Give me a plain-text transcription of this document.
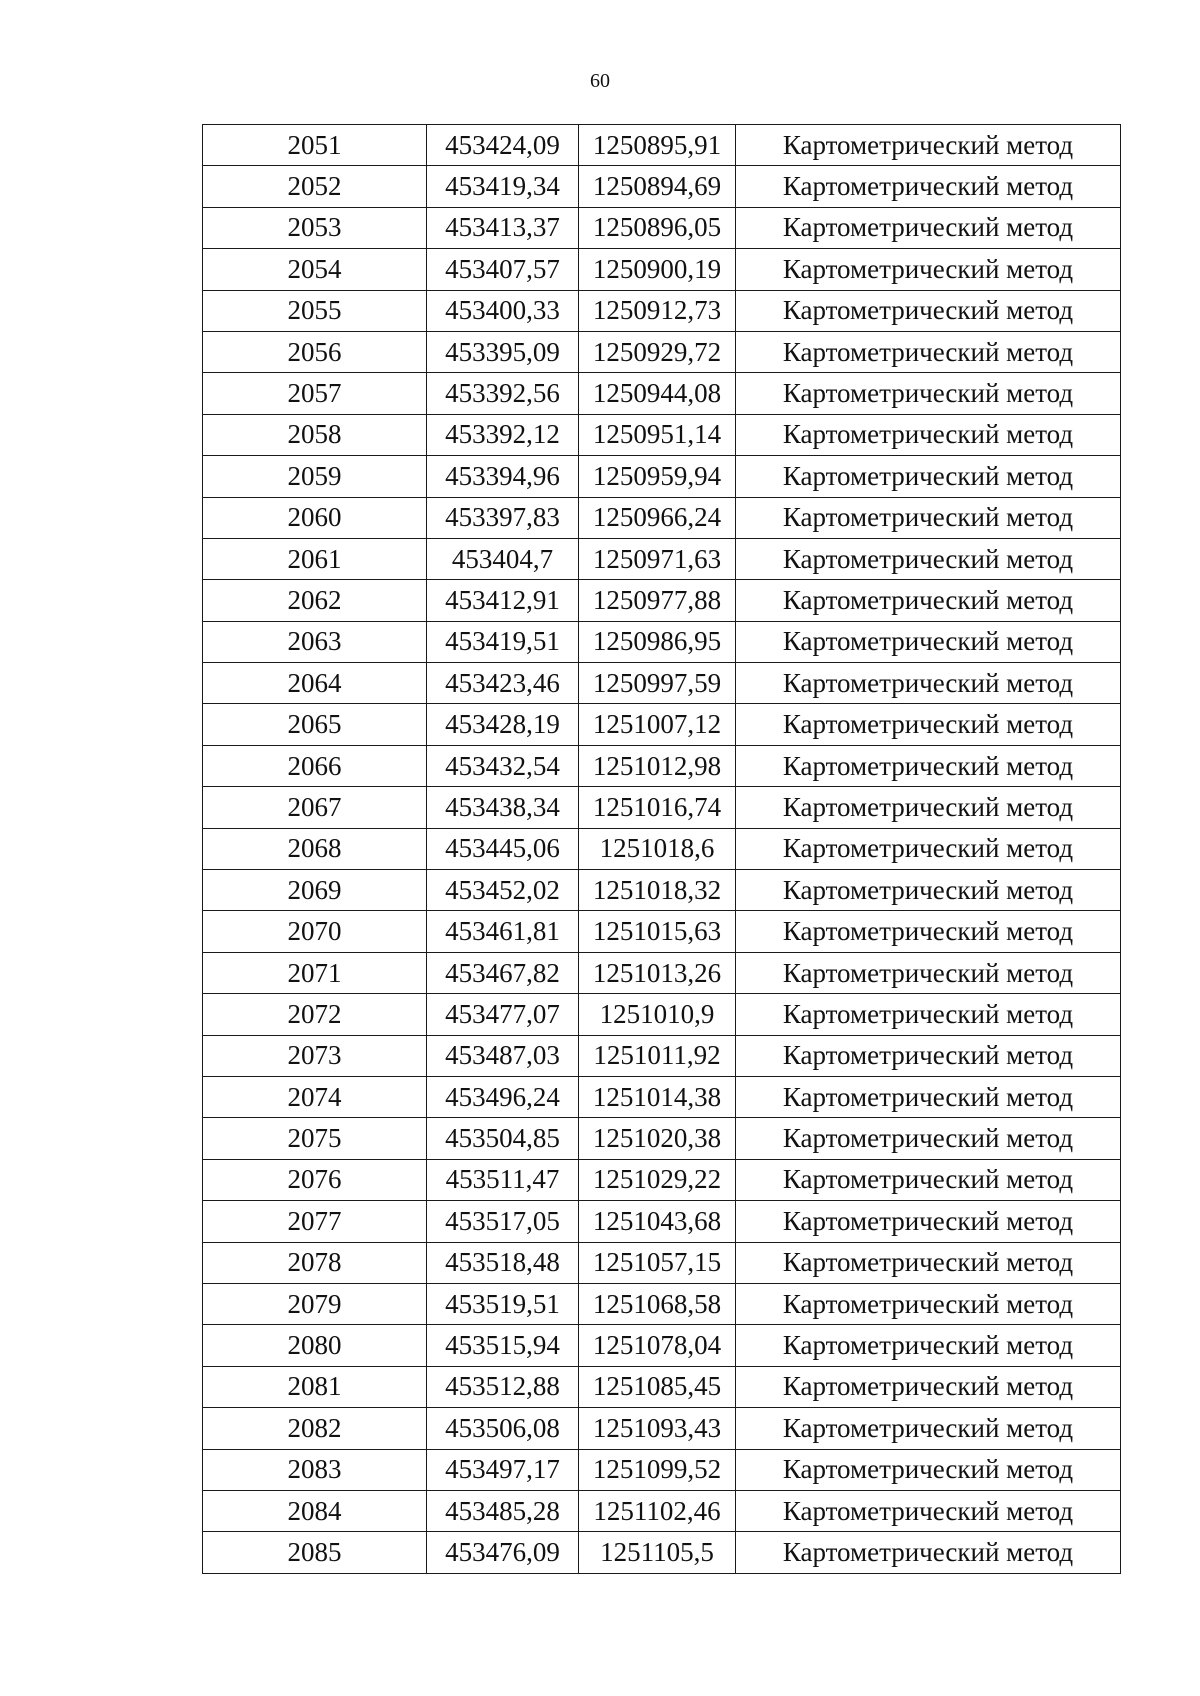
60
2051	453424,09	1250895,91	Картометрический метод
2052	453419,34	1250894,69	Картометрический метод
2053	453413,37	1250896,05	Картометрический метод
2054	453407,57	1250900,19	Картометрический метод
2055	453400,33	1250912,73	Картометрический метод
2056	453395,09	1250929,72	Картометрический метод
2057	453392,56	1250944,08	Картометрический метод
2058	453392,12	1250951,14	Картометрический метод
2059	453394,96	1250959,94	Картометрический метод
2060	453397,83	1250966,24	Картометрический метод
2061	453404,7	1250971,63	Картометрический метод
2062	453412,91	1250977,88	Картометрический метод
2063	453419,51	1250986,95	Картометрический метод
2064	453423,46	1250997,59	Картометрический метод
2065	453428,19	1251007,12	Картометрический метод
2066	453432,54	1251012,98	Картометрический метод
2067	453438,34	1251016,74	Картометрический метод
2068	453445,06	1251018,6	Картометрический метод
2069	453452,02	1251018,32	Картометрический метод
2070	453461,81	1251015,63	Картометрический метод
2071	453467,82	1251013,26	Картометрический метод
2072	453477,07	1251010,9	Картометрический метод
2073	453487,03	1251011,92	Картометрический метод
2074	453496,24	1251014,38	Картометрический метод
2075	453504,85	1251020,38	Картометрический метод
2076	453511,47	1251029,22	Картометрический метод
2077	453517,05	1251043,68	Картометрический метод
2078	453518,48	1251057,15	Картометрический метод
2079	453519,51	1251068,58	Картометрический метод
2080	453515,94	1251078,04	Картометрический метод
2081	453512,88	1251085,45	Картометрический метод
2082	453506,08	1251093,43	Картометрический метод
2083	453497,17	1251099,52	Картометрический метод
2084	453485,28	1251102,46	Картометрический метод
2085	453476,09	1251105,5	Картометрический метод
